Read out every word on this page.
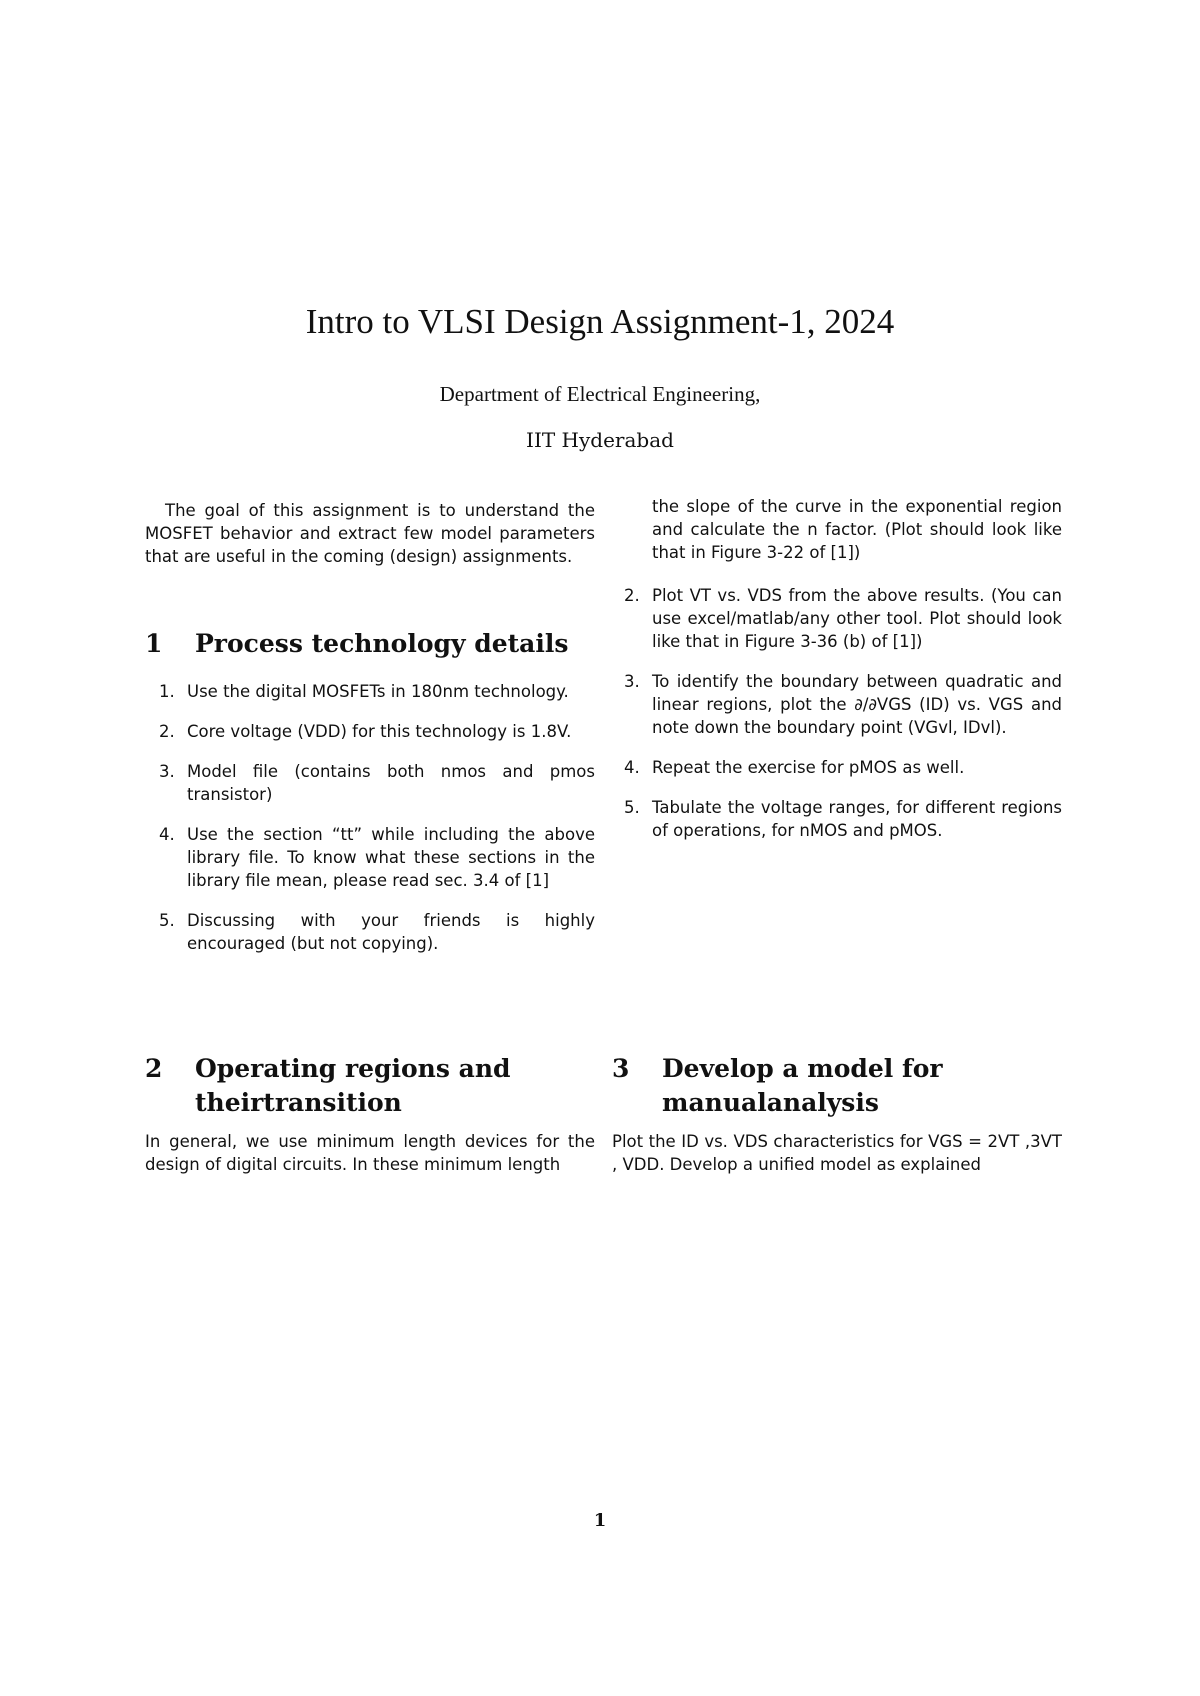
Intro to VLSI Design Assignment-1, 2024
Department of Electrical Engineering,
IIT Hyderabad

The goal of this assignment is to understand the MOSFET behavior and extract few model parameters that are useful in the coming (design) assignments.

1 Process technology details
1. Use the digital MOSFETs in 180nm technology.
2. Core voltage (VDD) for this technology is 1.8V.
3. Model file (contains both nmos and pmos transistor)
4. Use the section “tt” while including the above library file. To know what these sections in the library file mean, please read sec. 3.4 of [1]
5. Discussing with your friends is highly encouraged (but not copying).

the slope of the curve in the exponential region and calculate the n factor. (Plot should look like that in Figure 3-22 of [1])

2. Plot VT vs. VDS from the above results. (You can use excel/matlab/any other tool. Plot should look like that in Figure 3-36 (b) of [1])
3. To identify the boundary between quadratic and linear regions, plot the ∂/∂VGS (ID) vs. VGS and note down the boundary point (VGvl, IDvl).
4. Repeat the exercise for pMOS as well.
5. Tabulate the voltage ranges, for different regions of operations, for nMOS and pMOS.
2 Operating regions and
theirtransition
3 Develop a model for
manualanalysis

In general, we use minimum length devices for the design of digital circuits. In these minimum length

Plot the ID vs. VDS characteristics for VGS = 2VT ,3VT , VDD. Develop a unified model as explained

1
